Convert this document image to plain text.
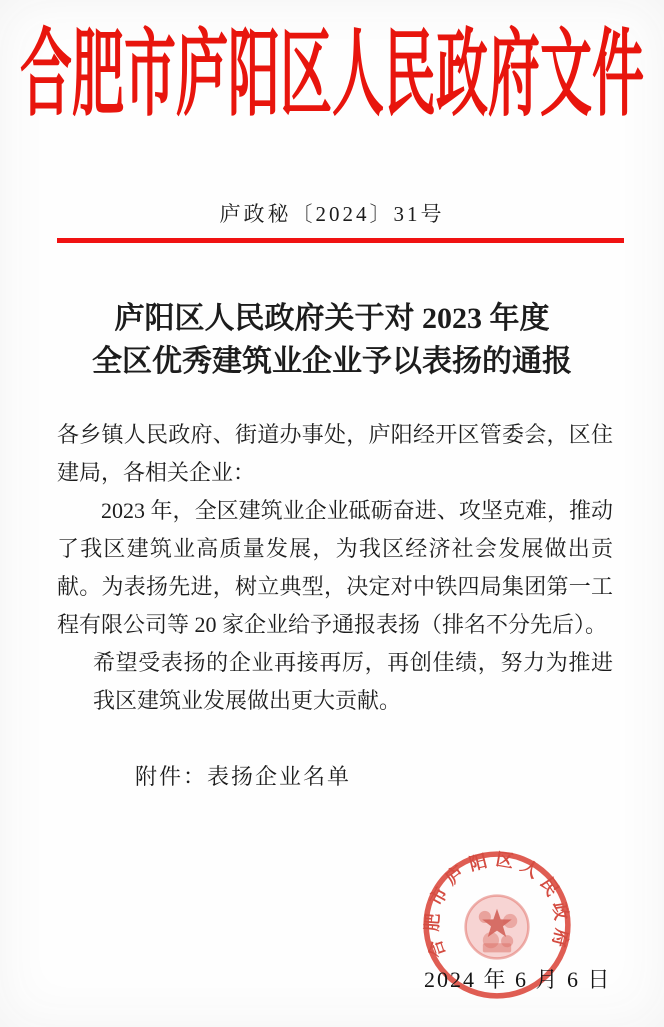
合肥市庐阳区人民政府文件
庐政秘〔2024〕31号
庐阳区人民政府关于对 2023 年度
全区优秀建筑业企业予以表扬的通报

各乡镇人民政府、街道办事处，庐阳经开区管委会，区住建局，各相关企业：

2023 年，全区建筑业企业砥砺奋进、攻坚克难，推动了我区建筑业高质量发展，为我区经济社会发展做出贡献。为表扬先进，树立典型，决定对中铁四局集团第一工程有限公司等 20 家企业给予通报表扬（排名不分先后）。

希望受表扬的企业再接再厉，再创佳绩，努力为推进我区建筑业发展做出更大贡献。

附件：表扬企业名单

合肥市庐阳区人民政府
2024 年 6 月 6 日
